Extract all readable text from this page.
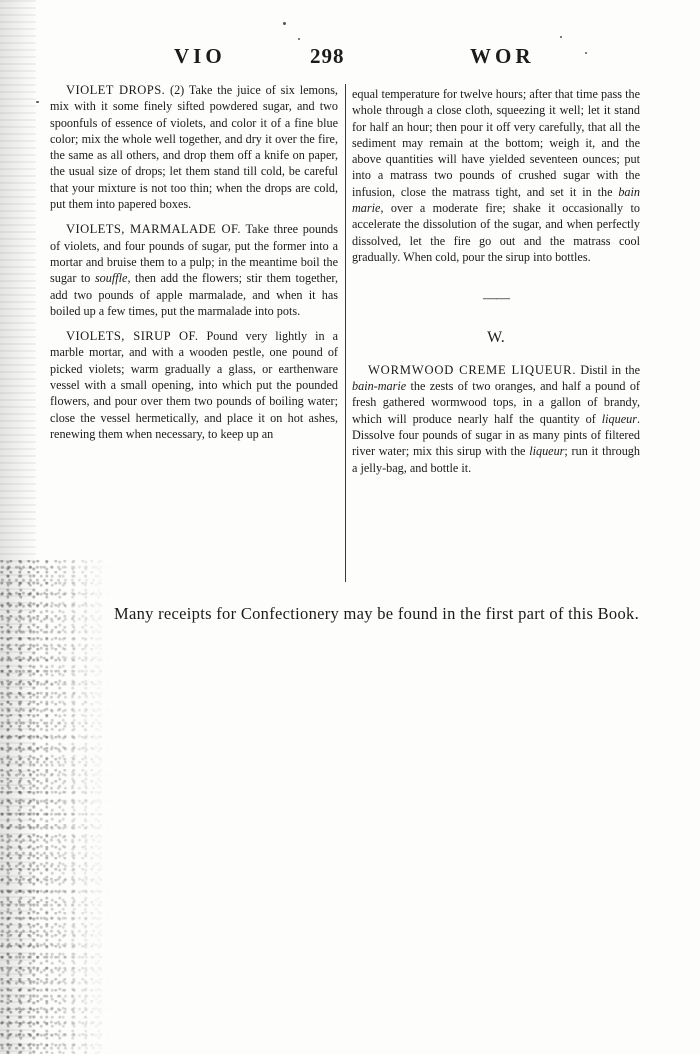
VIO	298	WOR

VIOLET DROPS. (2) Take the juice of six lemons, mix with it some finely sifted powdered sugar, and two spoonfuls of essence of violets, and color it of a fine blue color; mix the whole well together, and dry it over the fire, the same as all others, and drop them off a knife on paper, the usual size of drops; let them stand till cold, be careful that your mixture is not too thin; when the drops are cold, put them into papered boxes.

VIOLETS, MARMALADE OF. Take three pounds of violets, and four pounds of sugar, put the former into a mortar and bruise them to a pulp; in the meantime boil the sugar to souffle, then add the flowers; stir them together, add two pounds of apple marmalade, and when it has boiled up a few times, put the marmalade into pots.

VIOLETS, SIRUP OF. Pound very lightly in a marble mortar, and with a wooden pestle, one pound of picked violets; warm gradually a glass, or earthenware vessel with a small opening, into which put the pounded flowers, and pour over them two pounds of boiling water; close the vessel hermetically, and place it on hot ashes, renewing them when necessary, to keep up an

equal temperature for twelve hours; after that time pass the whole through a close cloth, squeezing it well; let it stand for half an hour; then pour it off very carefully, that all the sediment may remain at the bottom; weigh it, and the above quantities will have yielded seventeen ounces; put into a matrass two pounds of crushed sugar with the infusion, close the matrass tight, and set it in the bain marie, over a moderate fire; shake it occasionally to accelerate the dissolution of the sugar, and when perfectly dissolved, let the fire go out and the matrass cool gradually. When cold, pour the sirup into bottles.

——
W.

WORMWOOD CREME LIQUEUR. Distil in the bain-marie the zests of two oranges, and half a pound of fresh gathered wormwood tops, in a gallon of brandy, which will produce nearly half the quantity of liqueur. Dissolve four pounds of sugar in as many pints of filtered river water; mix this sirup with the liqueur; run it through a jelly-bag, and bottle it.

Many receipts for Confectionery may be found in the first part of this Book.
